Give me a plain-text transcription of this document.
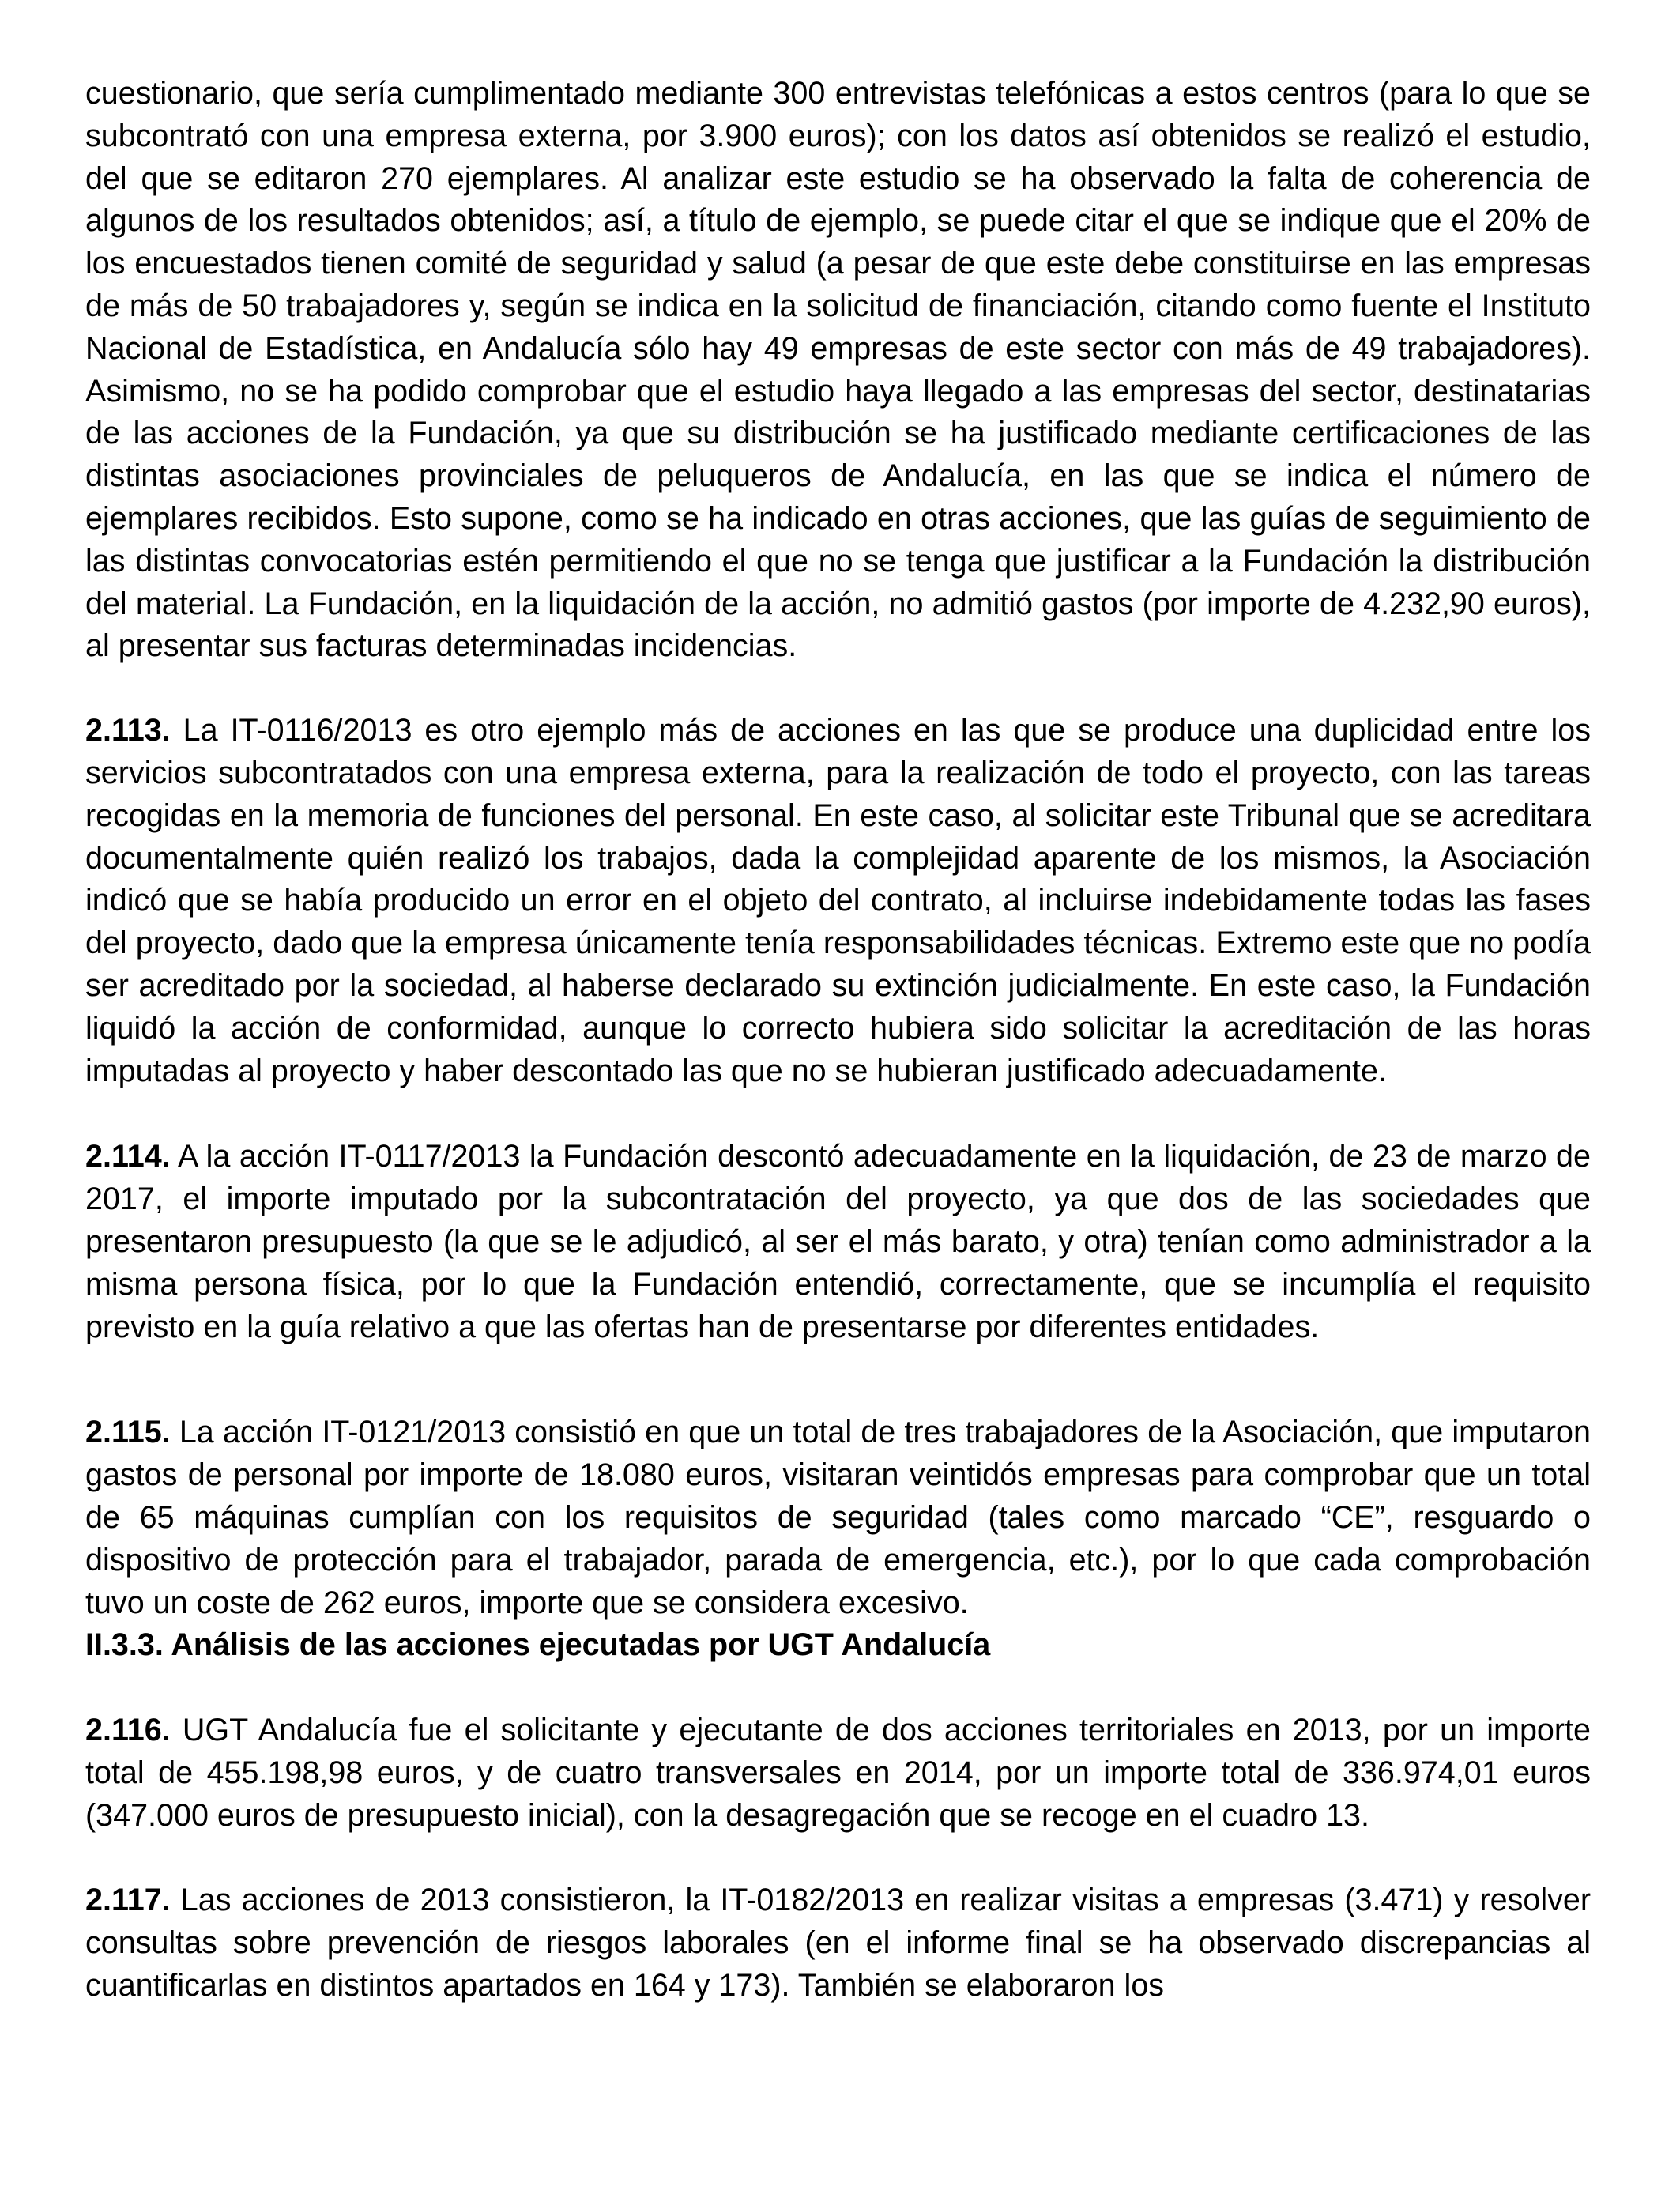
cuestionario, que sería cumplimentado mediante 300 entrevistas telefónicas a estos centros (para lo que se subcontrató con una empresa externa, por 3.900 euros); con los datos así obtenidos se realizó el estudio, del que se editaron 270 ejemplares. Al analizar este estudio se ha observado la falta de coherencia de algunos de los resultados obtenidos; así, a título de ejemplo, se puede citar el que se indique que el 20% de los encuestados tienen comité de seguridad y salud (a pesar de que este debe constituirse en las empresas de más de 50 trabajadores y, según se indica en la solicitud de financiación, citando como fuente el Instituto Nacional de Estadística, en Andalucía sólo hay 49 empresas de este sector con más de 49 trabajadores). Asimismo, no se ha podido comprobar que el estudio haya llegado a las empresas del sector, destinatarias de las acciones de la Fundación, ya que su distribución se ha justificado mediante certificaciones de las distintas asociaciones provinciales de peluqueros de Andalucía, en las que se indica el número de ejemplares recibidos. Esto supone, como se ha indicado en otras acciones, que las guías de seguimiento de las distintas convocatorias estén permitiendo el que no se tenga que justificar a la Fundación la distribución del material. La Fundación, en la liquidación de la acción, no admitió gastos (por importe de 4.232,90 euros), al presentar sus facturas determinadas incidencias.

2.113. La IT-0116/2013 es otro ejemplo más de acciones en las que se produce una duplicidad entre los servicios subcontratados con una empresa externa, para la realización de todo el proyecto, con las tareas recogidas en la memoria de funciones del personal. En este caso, al solicitar este Tribunal que se acreditara documentalmente quién realizó los trabajos, dada la complejidad aparente de los mismos, la Asociación indicó que se había producido un error en el objeto del contrato, al incluirse indebidamente todas las fases del proyecto, dado que la empresa únicamente tenía responsabilidades técnicas. Extremo este que no podía ser acreditado por la sociedad, al haberse declarado su extinción judicialmente. En este caso, la Fundación liquidó la acción de conformidad, aunque lo correcto hubiera sido solicitar la acreditación de las horas imputadas al proyecto y haber descontado las que no se hubieran justificado adecuadamente.

2.114. A la acción IT-0117/2013 la Fundación descontó adecuadamente en la liquidación, de 23 de marzo de 2017, el importe imputado por la subcontratación del proyecto, ya que dos de las sociedades que presentaron presupuesto (la que se le adjudicó, al ser el más barato, y otra) tenían como administrador a la misma persona física, por lo que la Fundación entendió, correctamente, que se incumplía el requisito previsto en la guía relativo a que las ofertas han de presentarse por diferentes entidades.

2.115. La acción IT-0121/2013 consistió en que un total de tres trabajadores de la Asociación, que imputaron gastos de personal por importe de 18.080 euros, visitaran veintidós empresas para comprobar que un total de 65 máquinas cumplían con los requisitos de seguridad (tales como marcado “CE”, resguardo o dispositivo de protección para el trabajador, parada de emergencia, etc.), por lo que cada comprobación tuvo un coste de 262 euros, importe que se considera excesivo.

II.3.3. Análisis de las acciones ejecutadas por UGT Andalucía

2.116. UGT Andalucía fue el solicitante y ejecutante de dos acciones territoriales en 2013, por un importe total de 455.198,98 euros, y de cuatro transversales en 2014, por un importe total de 336.974,01 euros (347.000 euros de presupuesto inicial), con la desagregación que se recoge en el cuadro 13.

2.117. Las acciones de 2013 consistieron, la IT-0182/2013 en realizar visitas a empresas (3.471) y resolver consultas sobre prevención de riesgos laborales (en el informe final se ha observado discrepancias al cuantificarlas en distintos apartados en 164 y 173). También se elaboraron los
